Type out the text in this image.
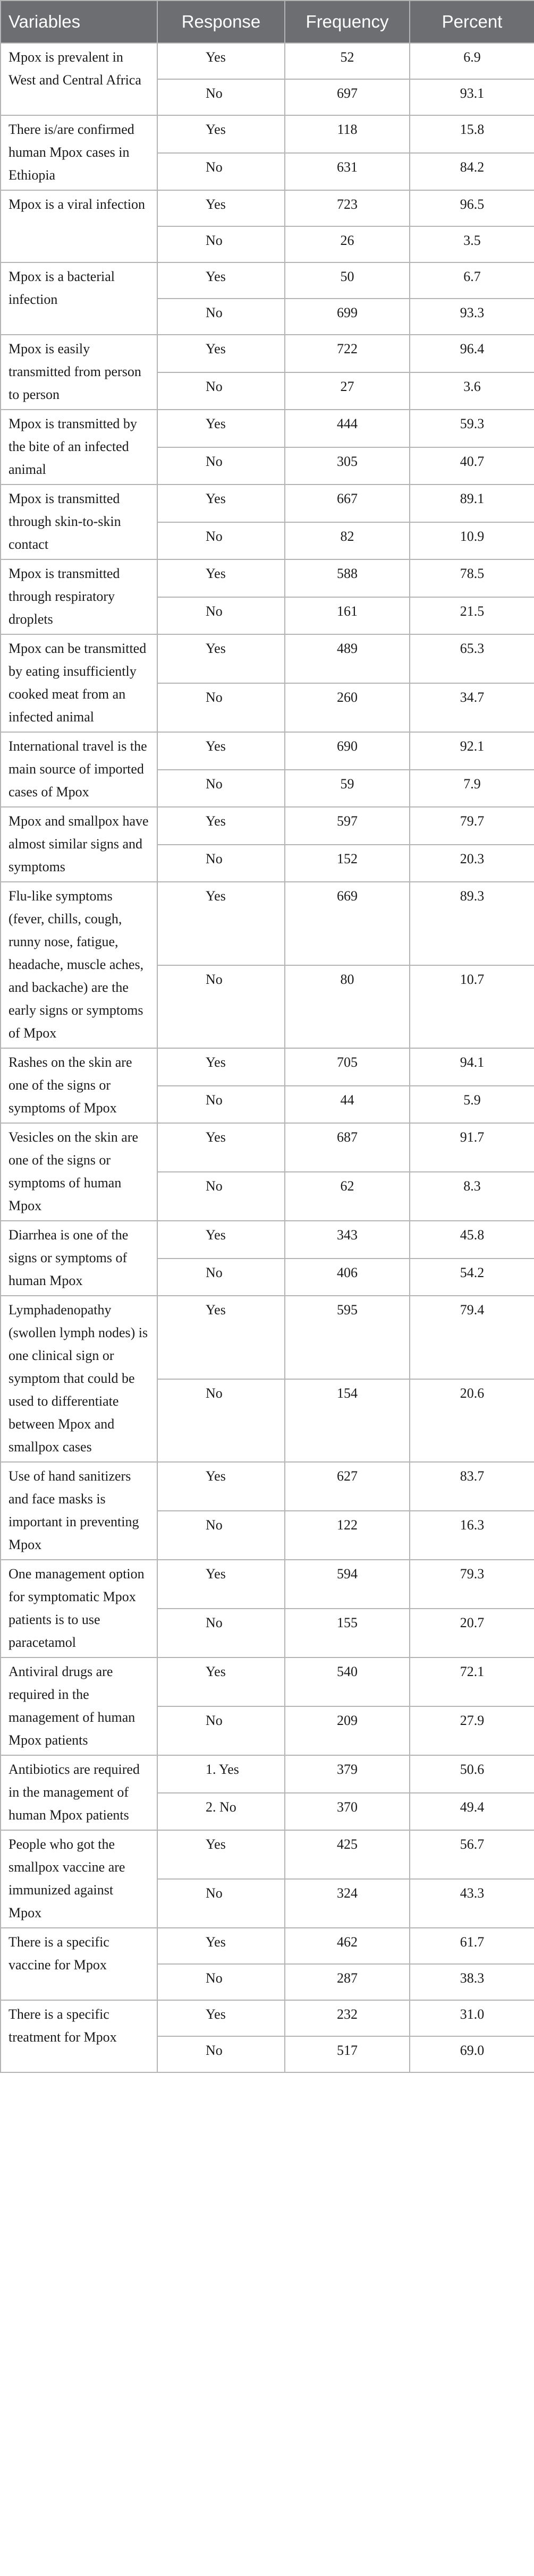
Variables	Response	Frequency	Percent
Mpox is prevalent in West and Central Africa	Yes	52	6.9
	No	697	93.1
There is/are confirmed human Mpox cases in Ethiopia	Yes	118	15.8
	No	631	84.2
Mpox is a viral infection	Yes	723	96.5
	No	26	3.5
Mpox is a bacterial infection	Yes	50	6.7
	No	699	93.3
Mpox is easily transmitted from person to person	Yes	722	96.4
	No	27	3.6
Mpox is transmitted by the bite of an infected animal	Yes	444	59.3
	No	305	40.7
Mpox is transmitted through skin-to-skin contact	Yes	667	89.1
	No	82	10.9
Mpox is transmitted through respiratory droplets	Yes	588	78.5
	No	161	21.5
Mpox can be transmitted by eating insufficiently cooked meat from an infected animal	Yes	489	65.3
	No	260	34.7
International travel is the main source of imported cases of Mpox	Yes	690	92.1
	No	59	7.9
Mpox and smallpox have almost similar signs and symptoms	Yes	597	79.7
	No	152	20.3
Flu-like symptoms (fever, chills, cough, runny nose, fatigue, headache, muscle aches, and backache) are the early signs or symptoms of Mpox	Yes	669	89.3
	No	80	10.7
Rashes on the skin are one of the signs or symptoms of Mpox	Yes	705	94.1
	No	44	5.9
Vesicles on the skin are one of the signs or symptoms of human Mpox	Yes	687	91.7
	No	62	8.3
Diarrhea is one of the signs or symptoms of human Mpox	Yes	343	45.8
	No	406	54.2
Lymphadenopathy (swollen lymph nodes) is one clinical sign or symptom that could be used to differentiate between Mpox and smallpox cases	Yes	595	79.4
	No	154	20.6
Use of hand sanitizers and face masks is important in preventing Mpox	Yes	627	83.7
	No	122	16.3
One management option for symptomatic Mpox patients is to use paracetamol	Yes	594	79.3
	No	155	20.7
Antiviral drugs are required in the management of human Mpox patients	Yes	540	72.1
	No	209	27.9
Antibiotics are required in the management of human Mpox patients	1. Yes	379	50.6
	2. No	370	49.4
People who got the smallpox vaccine are immunized against Mpox	Yes	425	56.7
	No	324	43.3
There is a specific vaccine for Mpox	Yes	462	61.7
	No	287	38.3
There is a specific treatment for Mpox	Yes	232	31.0
	No	517	69.0
